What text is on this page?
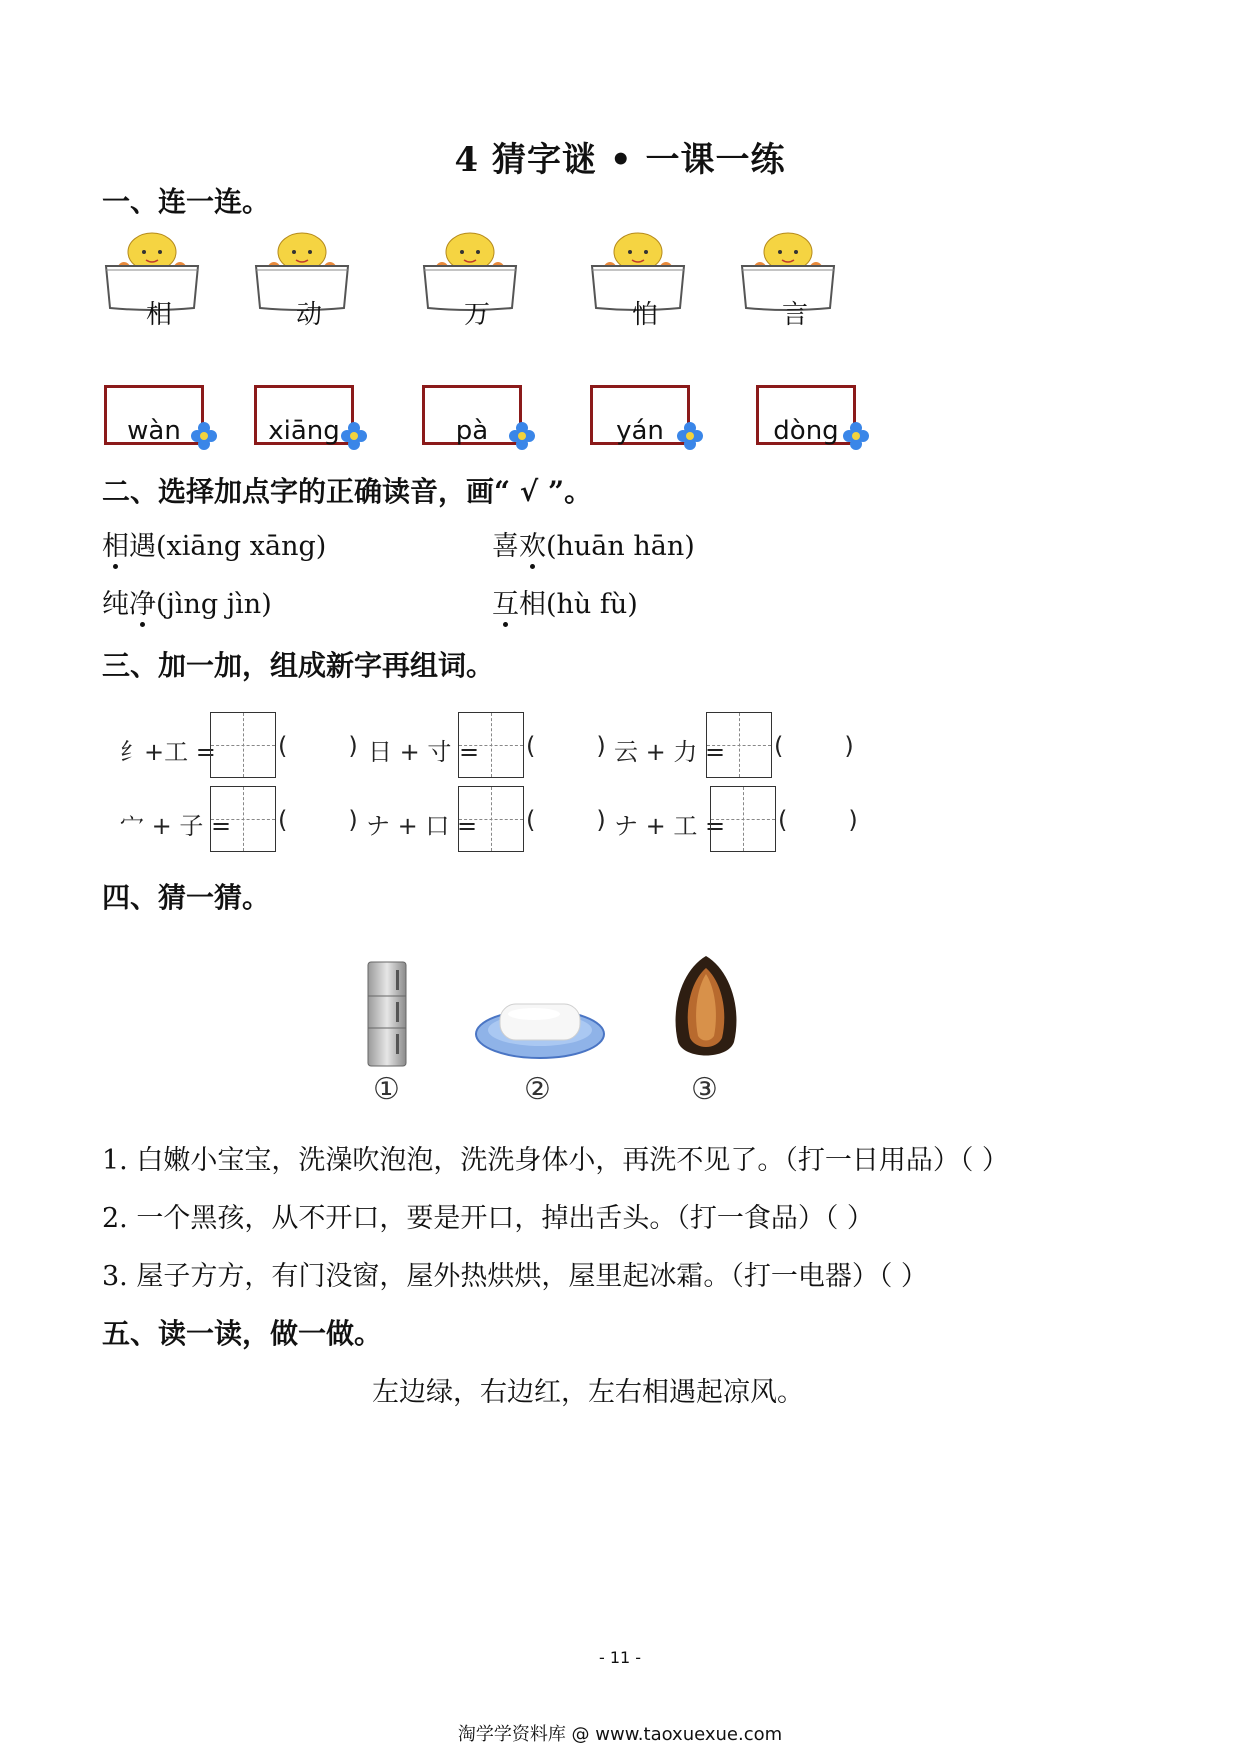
4 猜字谜 • 一课一练
一、连一连。
相	动	万	怕	言
wàn	xiāng	pà	yán	dòng
二、选择加点字的正确读音，画“ √ ”。
相遇(xiāng xāng)	喜欢(huān hān)
纯净(jìng jìn)	互相(hù fù)
三、加一加，组成新字再组词。
纟+工 =	(        ) 日 + 寸 = (        ) 云 + 力 = (        )
宀 + 子 = (        ) ナ + 口 = (        ) ナ + 工 = (        )
四、猜一猜。
①	②	③
1. 白嫩小宝宝，洗澡吹泡泡，洗洗身体小，再洗不见了。（打一日用品）（ ）
2. 一个黑孩，从不开口，要是开口，掉出舌头。（打一食品）（ ）
3. 屋子方方，有门没窗，屋外热烘烘，屋里起冰霜。（打一电器）（ ）
五、读一读，做一做。
左边绿，右边红，左右相遇起凉风。
- 11 -
淘学学资料库 @ www.taoxuexue.com
